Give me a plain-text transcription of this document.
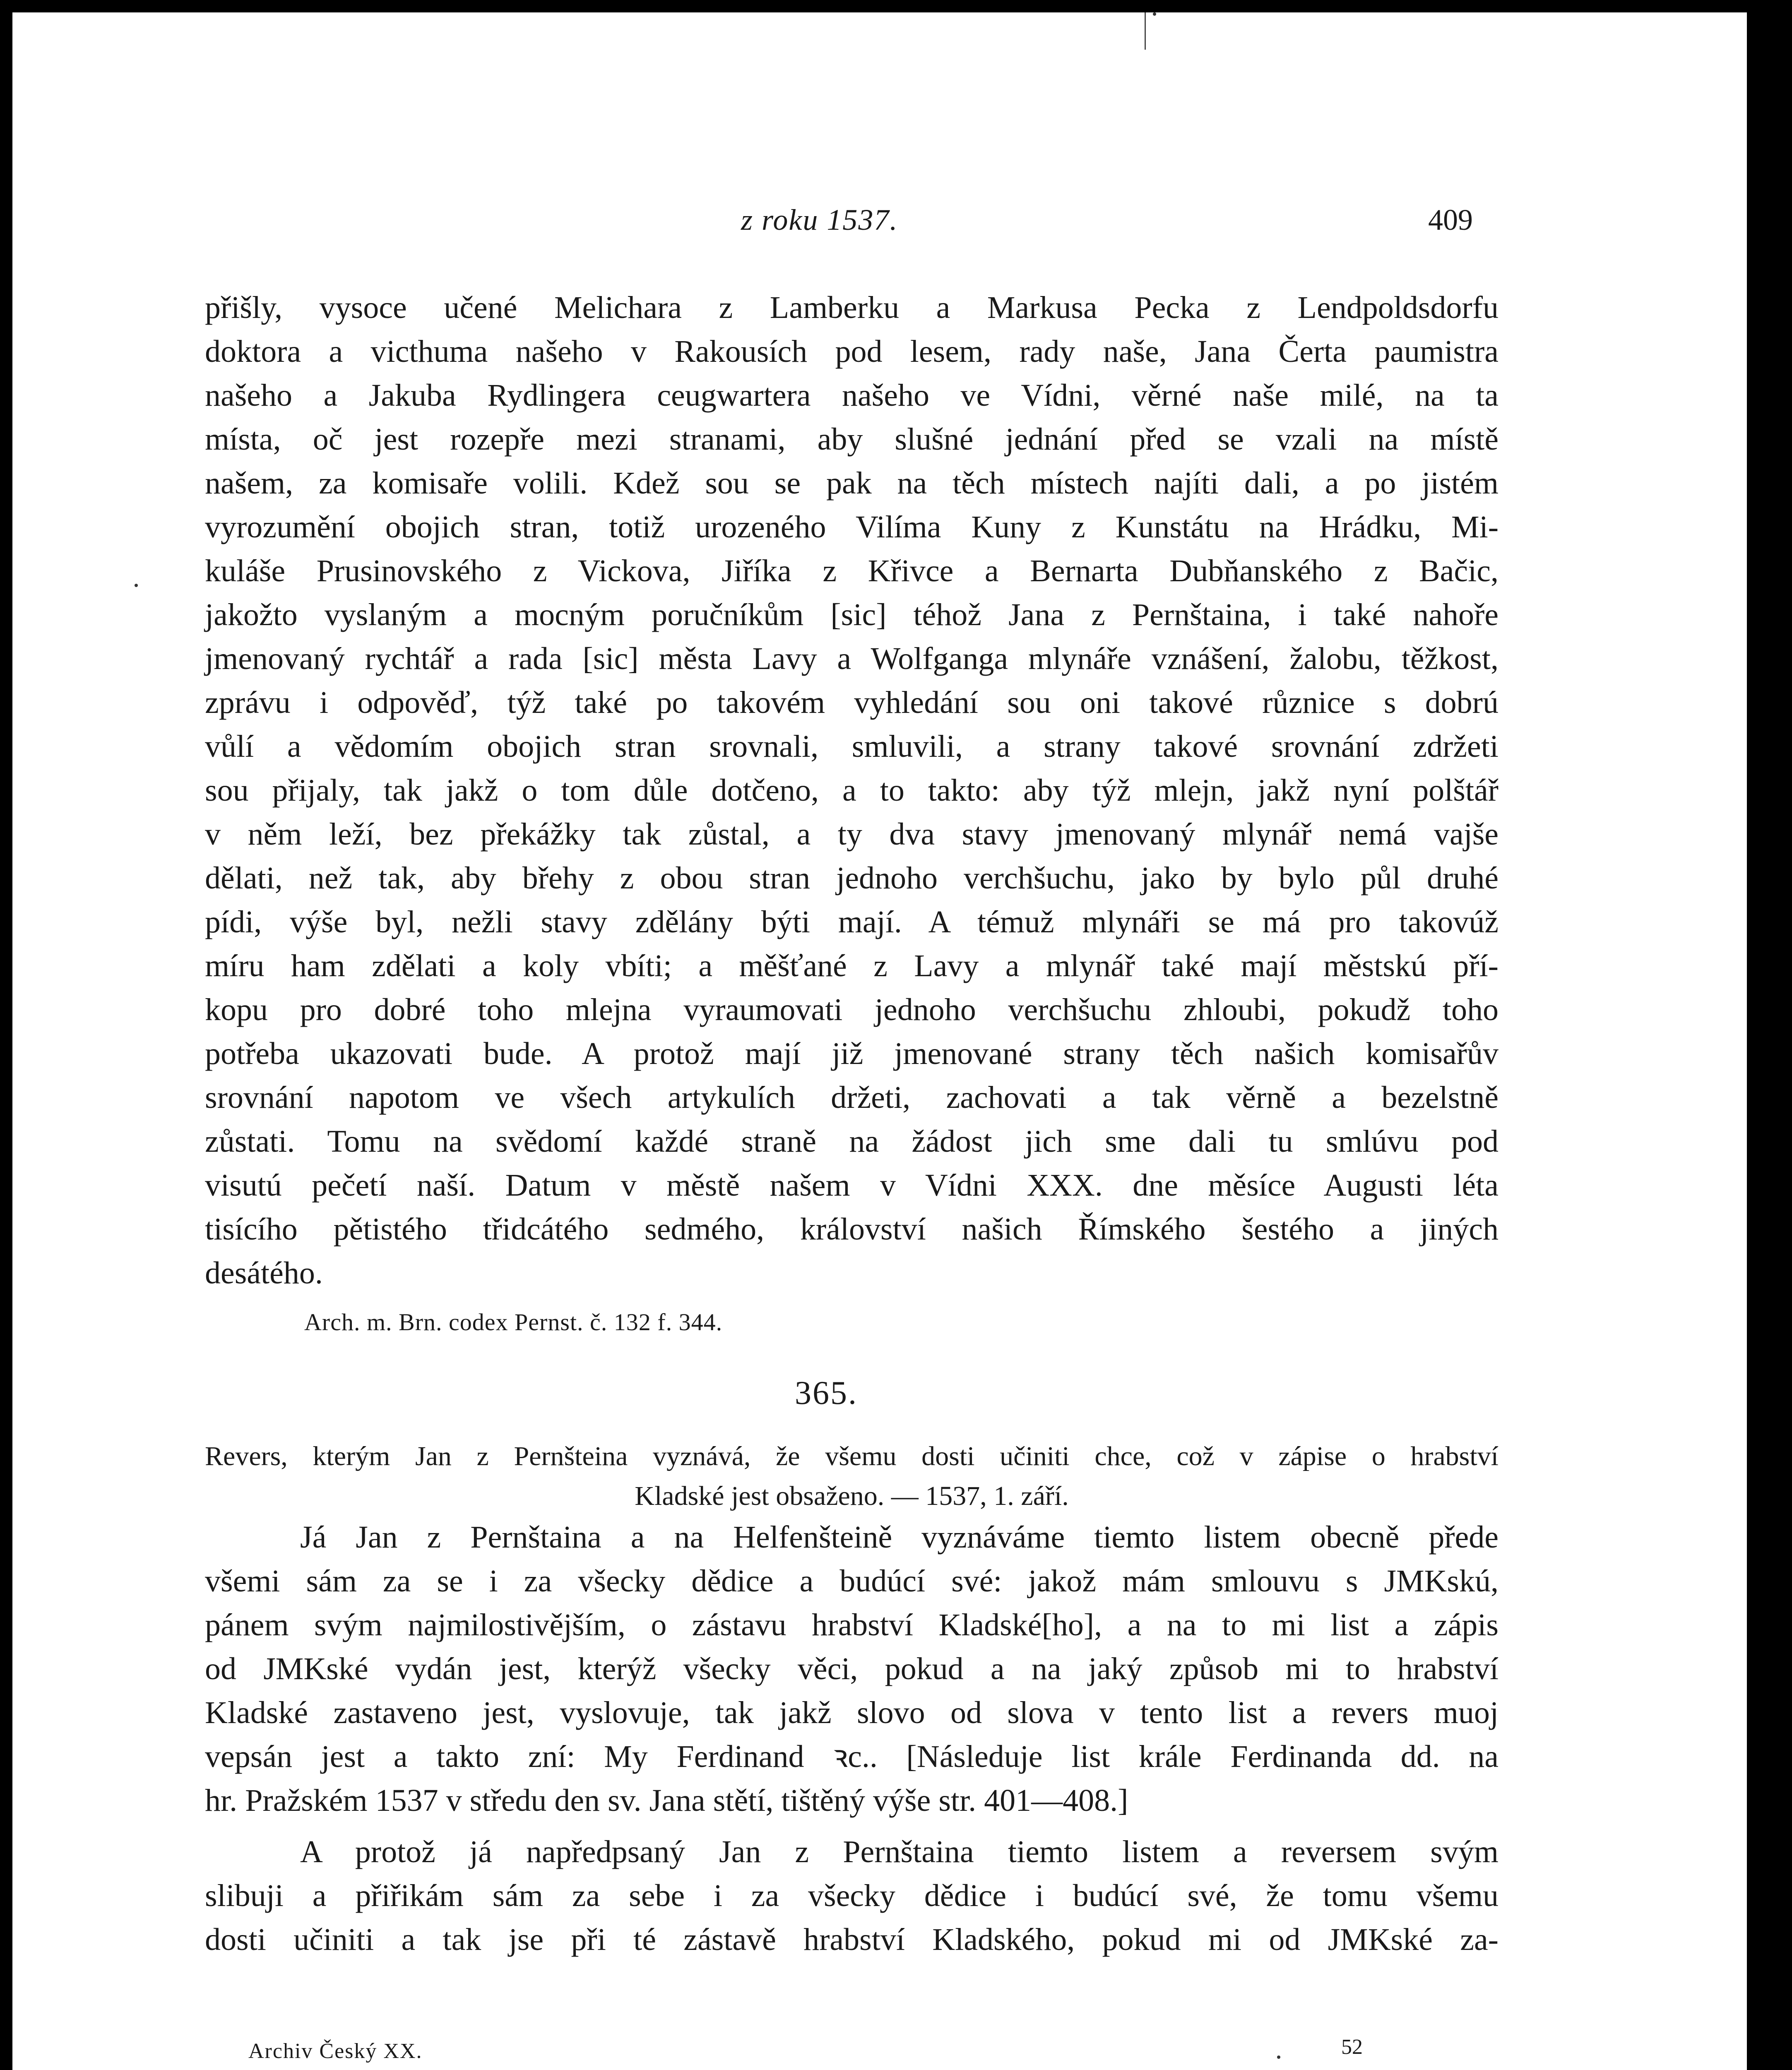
z roku 1537.	409
přišly, vysoce učené Melichara z Lamberku a Markusa Pecka z Lendpoldsdorfu
doktora a victhuma našeho v Rakousích pod lesem, rady naše, Jana Čerta paumistra
našeho a Jakuba Rydlingera ceugwartera našeho ve Vídni, věrné naše milé, na ta
místa, oč jest rozepře mezi stranami, aby slušné jednání před se vzali na místě
našem, za komisaře volili. Kdež sou se pak na těch místech najíti dali, a po jistém
vyrozumění obojich stran, totiž urozeného Vilíma Kuny z Kunstátu na Hrádku, Mi-
kuláše Prusinovského z Vickova, Jiříka z Křivce a Bernarta Dubňanského z Bačic,
jakožto vyslaným a mocným poručníkům [sic] téhož Jana z Pernštaina, i také nahoře
jmenovaný rychtář a rada [sic] města Lavy a Wolfganga mlynáře vznášení, žalobu, těžkost,
zprávu i odpověď, týž také po takovém vyhledání sou oni takové různice s dobrú
vůlí a vědomím obojich stran srovnali, smluvili, a strany takové srovnání zdržeti
sou přijaly, tak jakž o tom důle dotčeno, a to takto: aby týž mlejn, jakž nyní polštář
v něm leží, bez překážky tak zůstal, a ty dva stavy jmenovaný mlynář nemá vajše
dělati, než tak, aby břehy z obou stran jednoho verchšuchu, jako by bylo půl druhé
pídi, výše byl, nežli stavy zdělány býti mají. A témuž mlynáři se má pro takovúž
míru ham zdělati a koly vbíti; a měšťané z Lavy a mlynář také mají městskú pří-
kopu pro dobré toho mlejna vyraumovati jednoho verchšuchu zhloubi, pokudž toho
potřeba ukazovati bude. A protož mají již jmenované strany těch našich komisařův
srovnání napotom ve všech artykulích držeti, zachovati a tak věrně a bezelstně
zůstati. Tomu na svědomí každé straně na žádost jich sme dali tu smlúvu pod
visutú pečetí naší. Datum v městě našem v Vídni XXX. dne měsíce Augusti léta
tisícího pětistého třidcátého sedmého, království našich Římského šestého a jiných
desátého.
Arch. m. Brn. codex Pernst. č. 132 f. 344.
365.
Revers, kterým Jan z Pernšteina vyznává, že všemu dosti učiniti chce, což v zápise o hrabství
Kladské jest obsaženo. — 1537, 1. září.
Já Jan z Pernštaina a na Helfenšteině vyznáváme tiemto listem obecně přede
všemi sám za se i za všecky dědice a budúcí své: jakož mám smlouvu s JMKskú,
pánem svým najmilostivějším, o zástavu hrabství Kladské[ho], a na to mi list a zápis
od JMKské vydán jest, kterýž všecky věci, pokud a na jaký způsob mi to hrabství
Kladské zastaveno jest, vyslovuje, tak jakž slovo od slova v tento list a revers muoj
vepsán jest a takto zní: My Ferdinand ꝛc.. [Následuje list krále Ferdinanda dd. na
hr. Pražském 1537 v středu den sv. Jana stětí, tištěný výše str. 401—408.]
A protož já napředpsaný Jan z Pernštaina tiemto listem a reversem svým
slibuji a přiřikám sám za sebe i za všecky dědice i budúcí své, že tomu všemu
dosti učiniti a tak jse při té zástavě hrabství Kladského, pokud mi od JMKské za-
Archiv Český XX.	52
